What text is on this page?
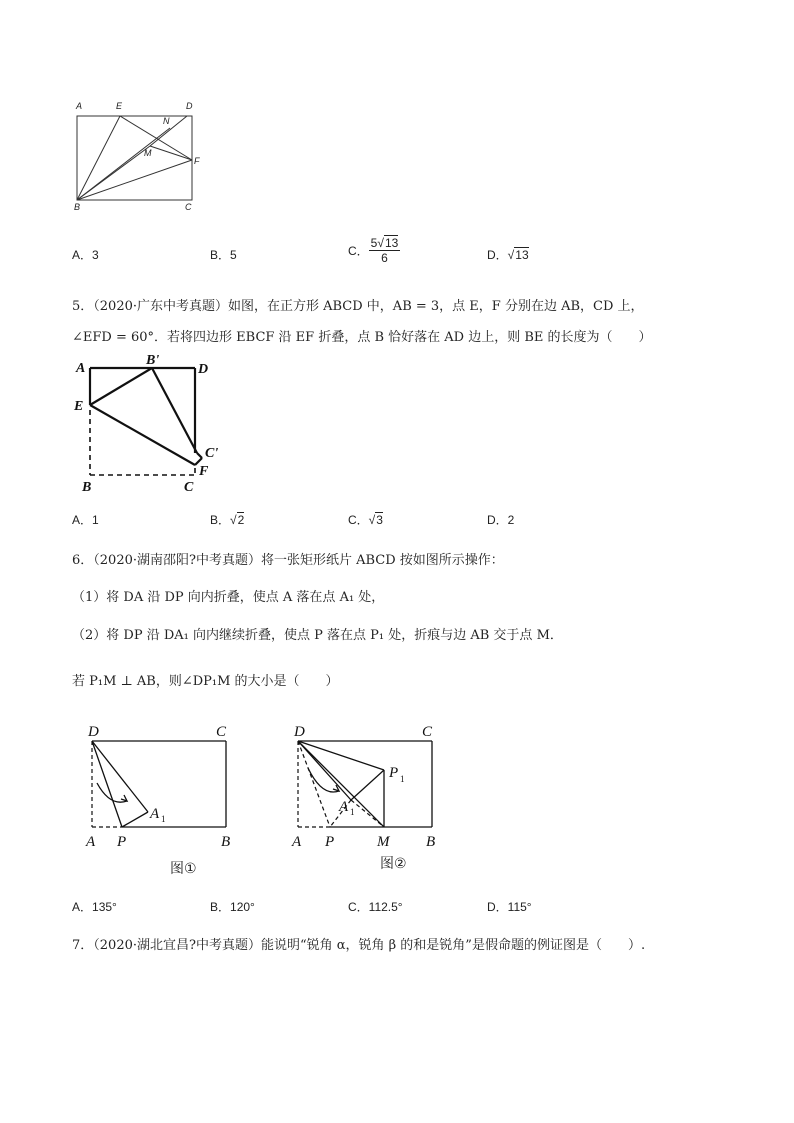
A	E	D
N
M
F
B	C
A．3	B．5	C． $\frac{5√13}{6}$	D．√13
5．（2020·广东中考真题）如图，在正方形 ABCD 中，AB = 3，点 E，F 分别在边 AB，CD 上，
∠EFD = 60°．若将四边形 EBCF 沿 EF 折叠，点 B 恰好落在 AD 边上，则 BE 的长度为（　　）
A
B'
D
E
C'
F
B	C
A．1	B．√2	C．√3	D．2
6．（2020·湖南邵阳?中考真题）将一张矩形纸片 ABCD 按如图所示操作：
（1）将 DA 沿 DP 向内折叠，使点 A 落在点 A₁ 处，
（2）将 DP 沿 DA₁ 向内继续折叠，使点 P 落在点 P₁ 处，折痕与边 AB 交于点 M．
若 P₁M ⊥ AB，则∠DP₁M 的大小是（　　）
D	C
A 1
A P	B
图①
D	C
P 1
A 1
A P	M B
图②
A．135°	B．120°	C．112.5°	D．115°
7．（2020·湖北宜昌?中考真题）能说明“锐角 α，锐角 β 的和是锐角”是假命题的例证图是（　　）.
